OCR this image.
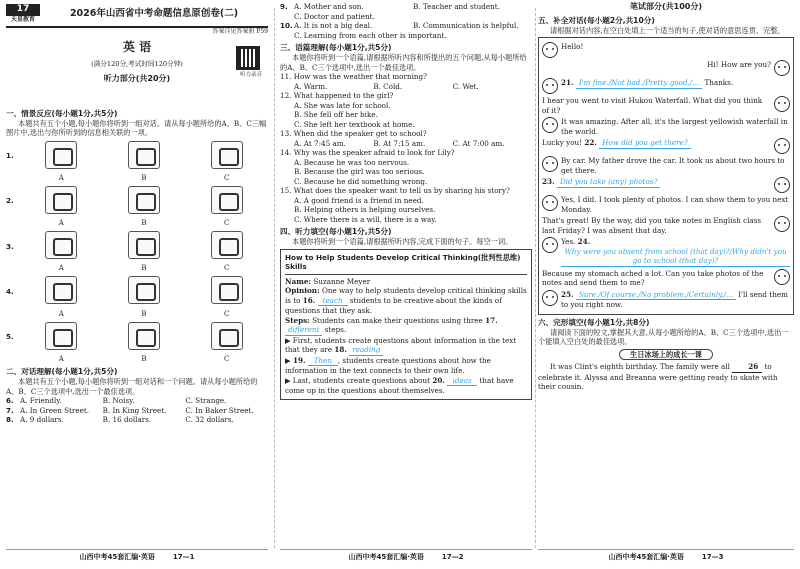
17
天星教育
2026年山西省中考命题信息原创卷(二)
答案详见答案册 P59
英 语
(满分120分,考试时间120分钟)
听力部分(共20分)	听力录音
一、情景反应(每小题1分,共5分)
本题共有五个小题,每小题你将听到一组对话。请从每小题所给的A、B、C三幅图片中,选出与你所听到的信息相关联的一项。
1.
A	B	C
2.
A	B	C
3.
A	B	C
4.
A	B	C
5.
A	B	C
二、对话理解(每小题1分,共5分)
本题共有五个小题,每小题你将听到一组对话和一个问题。请从每小题所给的A、B、C三个选项中,选出一个最佳选项。
6. A. Friendly.	B. Noisy.	C. Strange.
7. A. In Green Street.	B. In King Street.	C. In Baker Street.
8. A. 9 dollars.	B. 16 dollars.	C. 32 dollars.
9. A. Mother and son.	B. Teacher and student.
C. Doctor and patient.
10. A. It is not a big deal.	B. Communication is helpful.
C. Learning from each other is important.
三、语篇理解(每小题1分,共5分)
本题你将听到一个语篇,请根据所听内容和所提出的五个问题,从每小题所给的A、B、C三个选项中,选出一个最佳选项。
11. How was the weather that morning?
A. Warm.	B. Cold.	C. Wet.
12. What happened to the girl?
A. She was late for school.
B. She fell off her bike.
C. She left her textbook at home.
13. When did the speaker get to school?
A. At 7:45 am.	B. At 7:15 am.	C. At 7:00 am.
14. Why was the speaker afraid to look for Lily?
A. Because he was too nervous.
B. Because the girl was too serious.
C. Because he did something wrong.
15. What does the speaker want to tell us by sharing his story?
A. A good friend is a friend in need.
B. Helping others is helping ourselves.
C. Where there is a will, there is a way.
四、听力填空(每小题1分,共5分)
本题你将听到一个语篇,请根据所听内容,完成下面的句子。每空一词。
How to Help Students Develop Critical Thinking(批判性思维) Skills
Name: Suzanne Meyer
Opinion: One way to help students develop critical thinking skills is to 16. teach students to be creative about the kinds of questions that they ask.
Steps: Students can make their questions using three 17. different steps.
▶ First, students create questions about information in the text that they are 18. reading
▶ 19. Then , students create questions about how the information in the text connects to their own life.
▶ Last, students create questions about 20. ideas that have come up in the questions about themselves.
笔试部分(共100分)
五、补全对话(每小题2分,共10分)
请根据对话内容,在空白处填上一个适当的句子,使对话的意思连贯、完整。
Hello!
Hi! How are you?
21. I'm fine./Not bad./Pretty good./... Thanks.
I hear you went to visit Hukou Waterfall. What did you think of it?
It was amazing. After all, it's the largest yellowish waterfall in the world.
Lucky you! 22. How did you get there?
By car. My father drove the car. It took us about two hours to get there.
23. Did you take (any) photos?
Yes, I did. I took plenty of photos. I can show them to you next Monday.
That's great! By the way, did you take notes in English class last Friday? I was absent that day.
Yes. 24. Why were you absent from school (that day)?/Why didn't you go to school (that day)?
Because my stomach ached a lot. Can you take photos of the notes and send them to me?
25. Sure./Of course./No problem./Certainly./... I'll send them to you right now.
六、完形填空(每小题1分,共8分)
请阅读下面的短文,掌握其大意,从每小题所给的A、B、C三个选项中,选出一个能填入空白处的最佳选项。
生日冰场上的成长一课
It was Clint's eighth birthday. The family were all	26 to celebrate it. Alyssa and Breanna were getting ready to skate with their cousin.
山西中考45套汇编·英语	17—1	山西中考45套汇编·英语	17—2	山西中考45套汇编·英语	17—3
